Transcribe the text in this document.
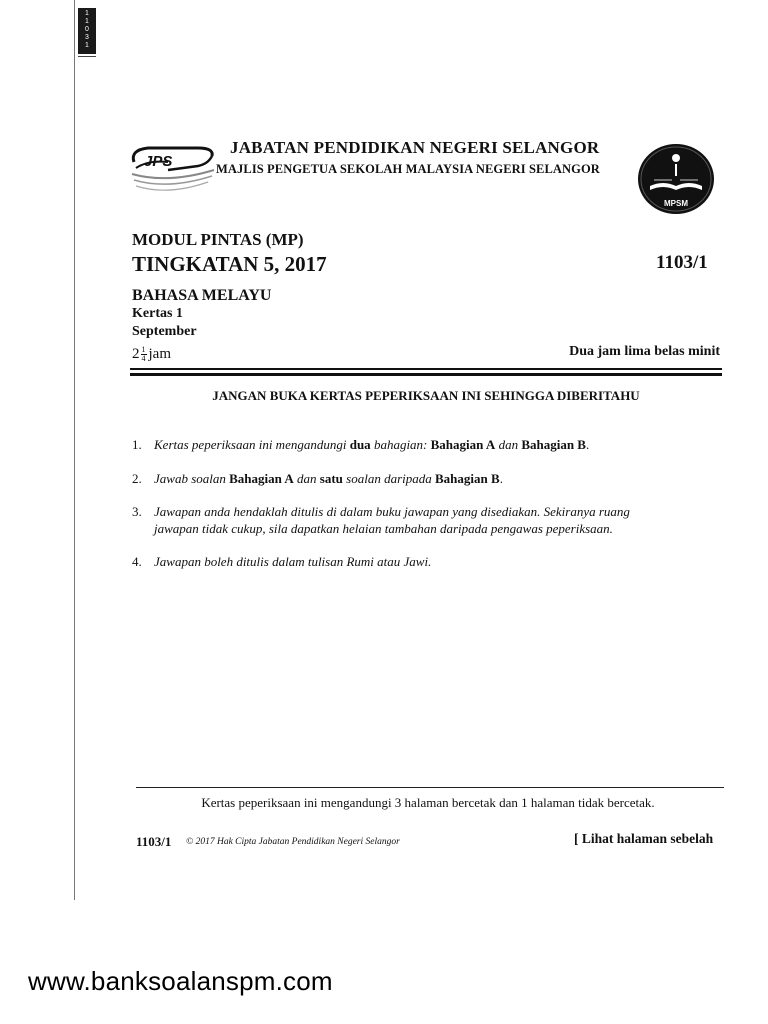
1
1
0
3
1
JPS
JABATAN PENDIDIKAN NEGERI SELANGOR
MAJLIS PENGETUA SEKOLAH MALAYSIA NEGERI SELANGOR
MPSM
MODUL PINTAS (MP)
TINGKATAN 5, 2017	1103/1
BAHASA MELAYU
Kertas 1
September
$2 \frac{1}{4}$ jam	Dua jam lima belas minit
JANGAN BUKA KERTAS PEPERIKSAAN INI SEHINGGA DIBERITAHU
1. Kertas peperiksaan ini mengandungi dua bahagian: Bahagian A dan Bahagian B.
2. Jawab soalan Bahagian A dan satu soalan daripada Bahagian B.
3. Jawapan anda hendaklah ditulis di dalam buku jawapan yang disediakan. Sekiranya ruang
jawapan tidak cukup, sila dapatkan helaian tambahan daripada pengawas peperiksaan.
4. Jawapan boleh ditulis dalam tulisan Rumi atau Jawi.
Kertas peperiksaan ini mengandungi 3 halaman bercetak dan 1 halaman tidak bercetak.
1103/1 © 2017 Hak Cipta Jabatan Pendidikan Negeri Selangor	[ Lihat halaman sebelah
www.banksoalanspm.com
